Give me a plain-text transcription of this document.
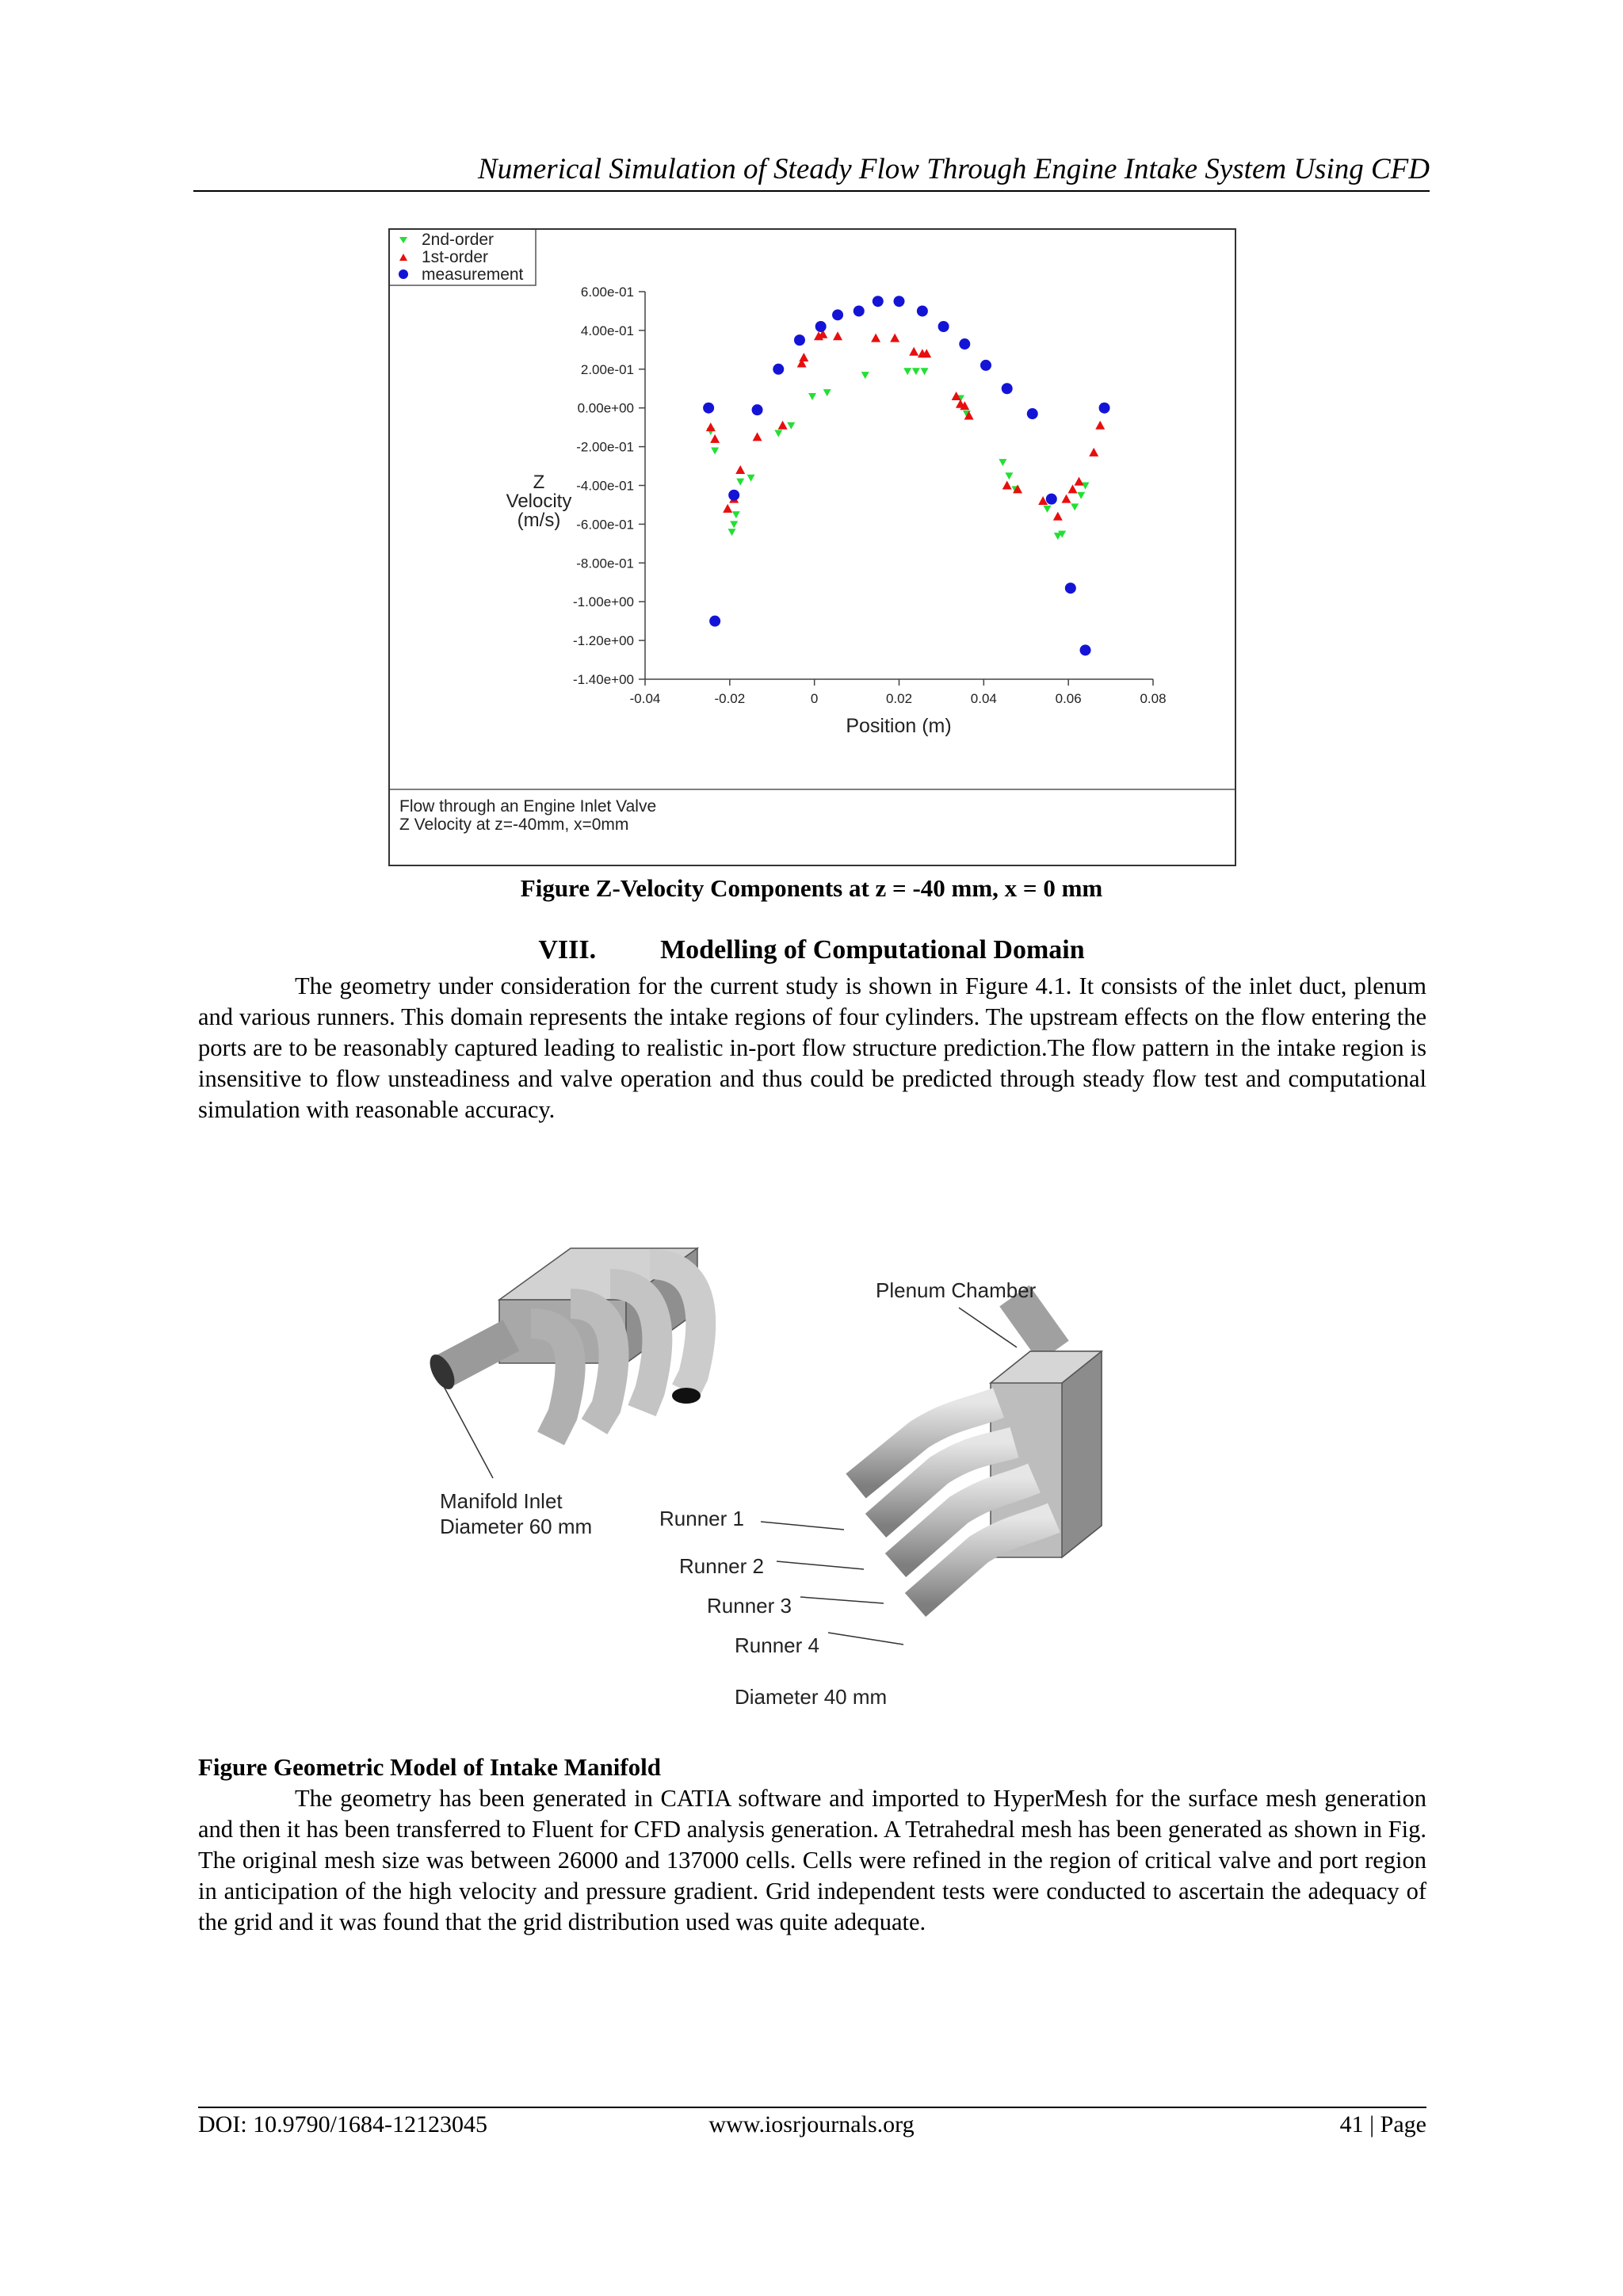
Numerical Simulation of Steady Flow Through Engine Intake System Using CFD
2nd-order
1st-order
measurement
6.00e-01
4.00e-01
2.00e-01
0.00e+00
-2.00e-01
-4.00e-01
-6.00e-01
-8.00e-01
-1.00e+00
-1.20e+00
-1.40e+00
-0.04	-0.02	0	0.02	0.04	0.06	0.08
Z
Velocity
(m/s)
Position (m)
Flow through an Engine Inlet Valve
Z Velocity at z=-40mm, x=0mm
Figure Z-Velocity Components at z = -40 mm, x = 0 mm
VIII. Modelling of Computational Domain

The geometry under consideration for the current study is shown in Figure 4.1. It consists of the inlet duct, plenum and various runners. This domain represents the intake regions of four cylinders. The upstream effects on the flow entering the ports are to be reasonably captured leading to realistic in-port flow structure prediction.The flow pattern in the intake region is insensitive to flow unsteadiness and valve operation and thus could be predicted through steady flow test and computational simulation with reasonable accuracy.

Plenum Chamber
Manifold Inlet
Diameter 60 mm	Runner 1
Runner 2
Runner 3
Runner 4
Diameter 40 mm
Figure Geometric Model of Intake Manifold

The geometry has been generated in CATIA software and imported to HyperMesh for the surface mesh generation and then it has been transferred to Fluent for CFD analysis generation. A Tetrahedral mesh has been generated as shown in Fig. The original mesh size was between 26000 and 137000 cells. Cells were refined in the region of critical valve and port region in anticipation of the high velocity and pressure gradient. Grid independent tests were conducted to ascertain the adequacy of the grid and it was found that the grid distribution used was quite adequate.

DOI: 10.9790/1684-12123045	www.iosrjournals.org	41 | Page
